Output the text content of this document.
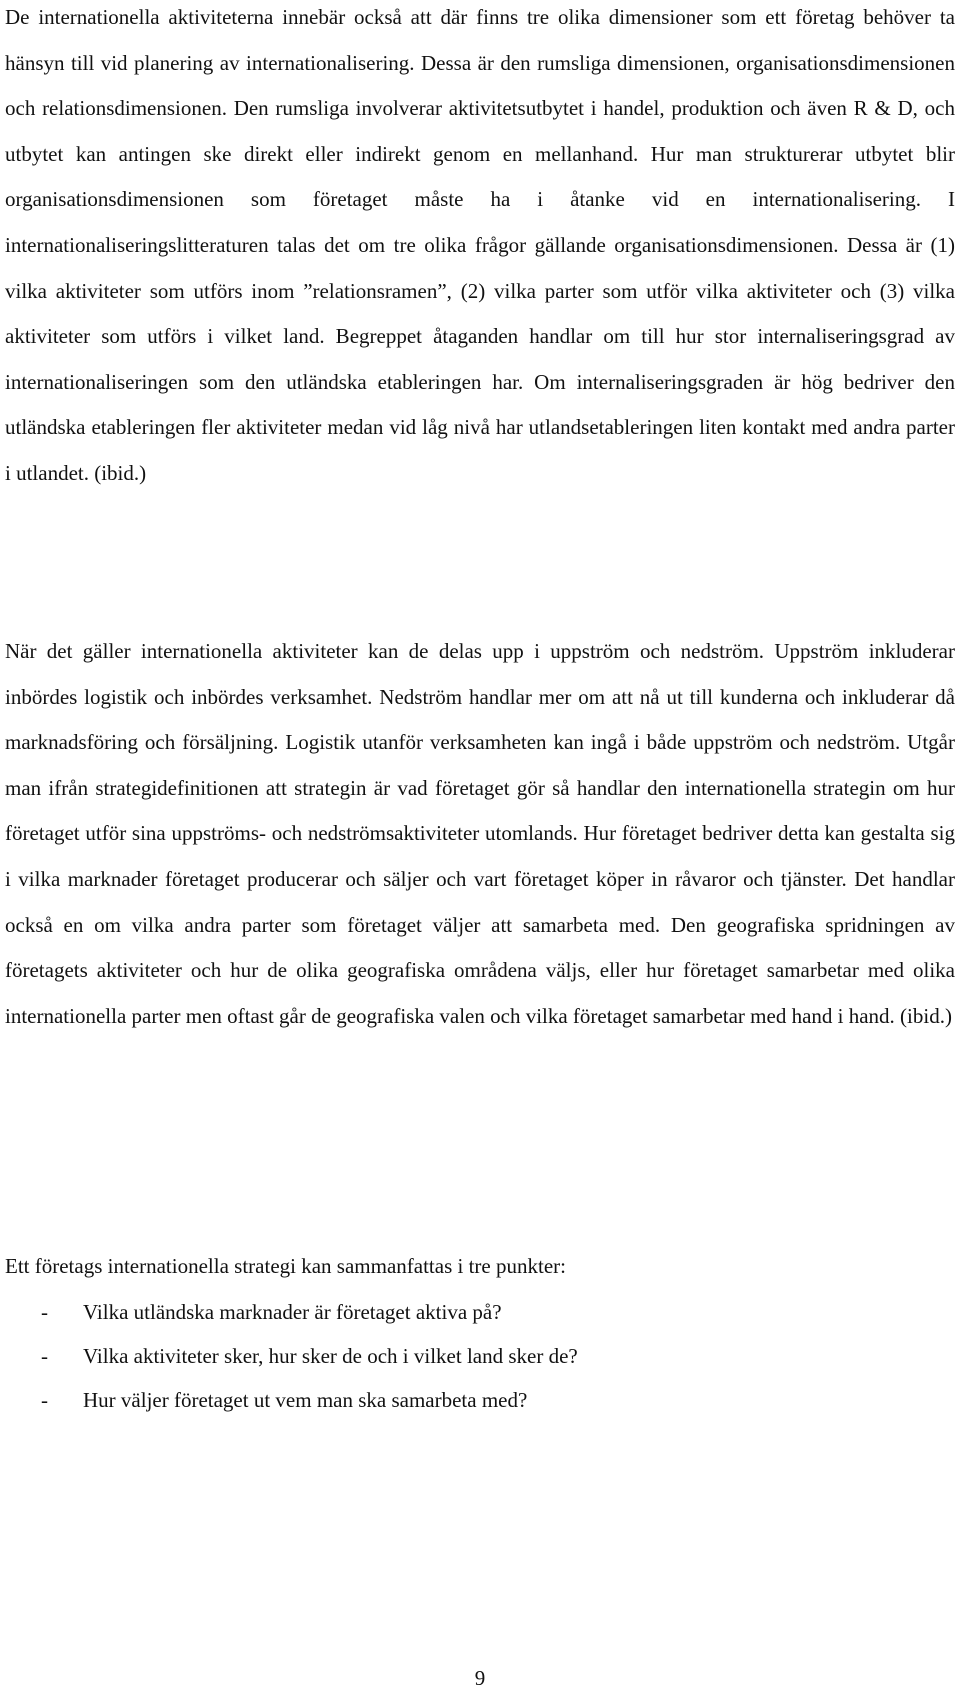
De internationella aktiviteterna innebär också att där finns tre olika dimensioner som ett företag behöver ta hänsyn till vid planering av internationalisering. Dessa är den rumsliga dimensionen, organisationsdimensionen och relationsdimensionen. Den rumsliga involverar aktivitetsutbytet i handel, produktion och även R & D, och utbytet kan antingen ske direkt eller indirekt genom en mellanhand. Hur man strukturerar utbytet blir organisationsdimensionen som företaget måste ha i åtanke vid en internationalisering. I internationaliseringslitteraturen talas det om tre olika frågor gällande organisationsdimensionen. Dessa är (1) vilka aktiviteter som utförs inom ”relationsramen”, (2) vilka parter som utför vilka aktiviteter och (3) vilka aktiviteter som utförs i vilket land. Begreppet åtaganden handlar om till hur stor internaliseringsgrad av internationaliseringen som den utländska etableringen har. Om internaliseringsgraden är hög bedriver den utländska etableringen fler aktiviteter medan vid låg nivå har utlandsetableringen liten kontakt med andra parter i utlandet. (ibid.)

När det gäller internationella aktiviteter kan de delas upp i uppström och nedström. Uppström inkluderar inbördes logistik och inbördes verksamhet. Nedström handlar mer om att nå ut till kunderna och inkluderar då marknadsföring och försäljning. Logistik utanför verksamheten kan ingå i både uppström och nedström. Utgår man ifrån strategidefinitionen att strategin är vad företaget gör så handlar den internationella strategin om hur företaget utför sina uppströms- och nedströmsaktiviteter utomlands. Hur företaget bedriver detta kan gestalta sig i vilka marknader företaget producerar och säljer och vart företaget köper in råvaror och tjänster. Det handlar också en om vilka andra parter som företaget väljer att samarbeta med. Den geografiska spridningen av företagets aktiviteter och hur de olika geografiska områdena väljs, eller hur företaget samarbetar med olika internationella parter men oftast går de geografiska valen och vilka företaget samarbetar med hand i hand. (ibid.)

Ett företags internationella strategi kan sammanfattas i tre punkter:

- Vilka utländska marknader är företaget aktiva på?
- Vilka aktiviteter sker, hur sker de och i vilket land sker de?
- Hur väljer företaget ut vem man ska samarbeta med?
9
